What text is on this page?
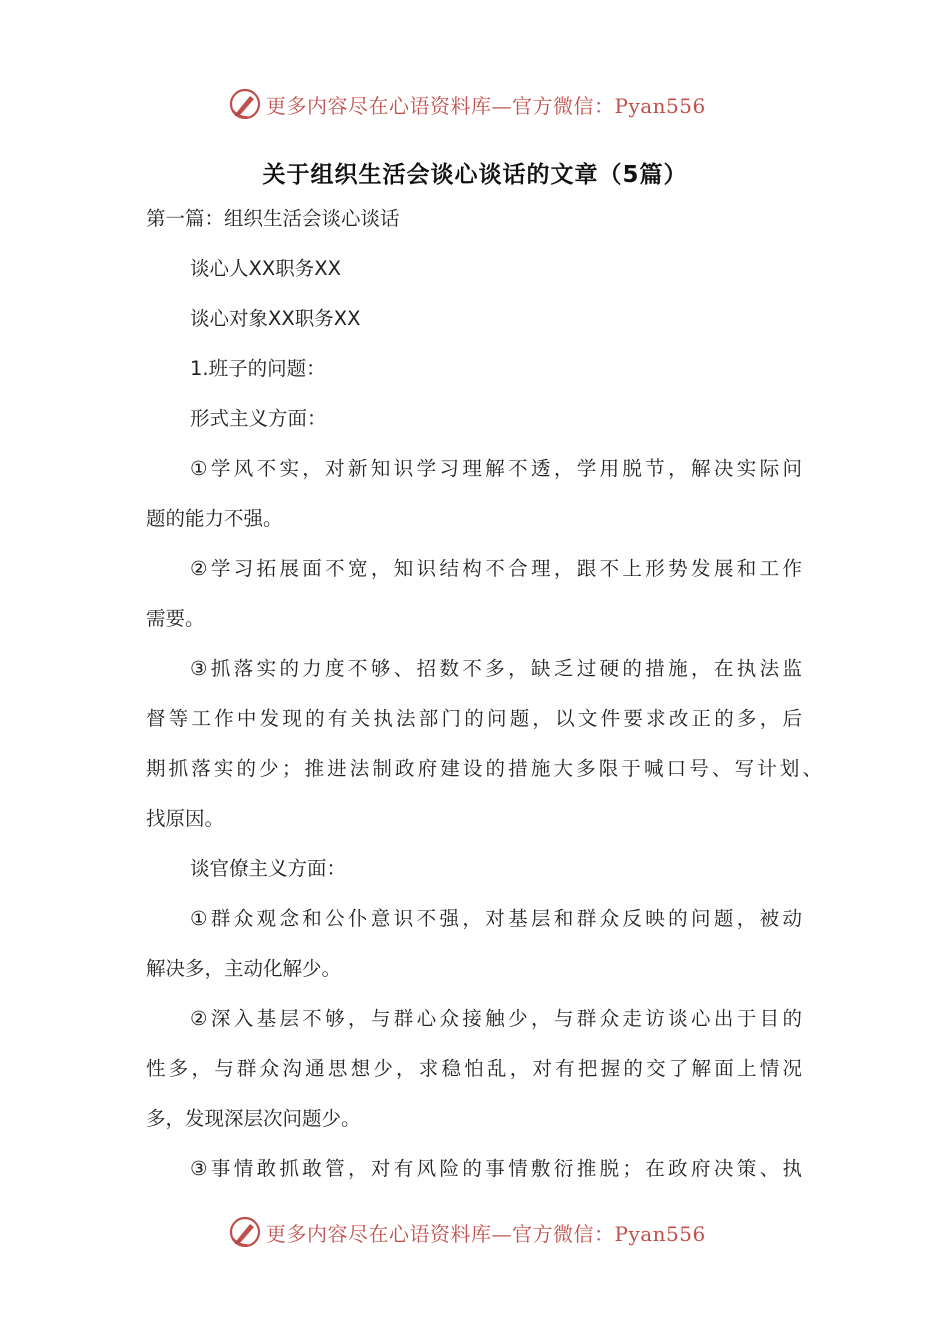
更多内容尽在心语资料库—官方微信：Pyan556
关于组织生活会谈心谈话的文章（5篇）
第一篇：组织生活会谈心谈话
谈心人XX职务XX
谈心对象XX职务XX
1.班子的问题：
形式主义方面：
①学风不实，对新知识学习理解不透，学用脱节，解决实际问
题的能力不强。
②学习拓展面不宽，知识结构不合理，跟不上形势发展和工作
需要。
③抓落实的力度不够、招数不多，缺乏过硬的措施，在执法监
督等工作中发现的有关执法部门的问题，以文件要求改正的多，后
期抓落实的少；推进法制政府建设的措施大多限于喊口号、写计划、
找原因。
谈官僚主义方面：
①群众观念和公仆意识不强，对基层和群众反映的问题，被动
解决多，主动化解少。
②深入基层不够，与群心众接触少，与群众走访谈心出于目的
性多，与群众沟通思想少，求稳怕乱，对有把握的交了解面上情况
多，发现深层次问题少。
③事情敢抓敢管，对有风险的事情敷衍推脱；在政府决策、执
更多内容尽在心语资料库—官方微信：Pyan556
